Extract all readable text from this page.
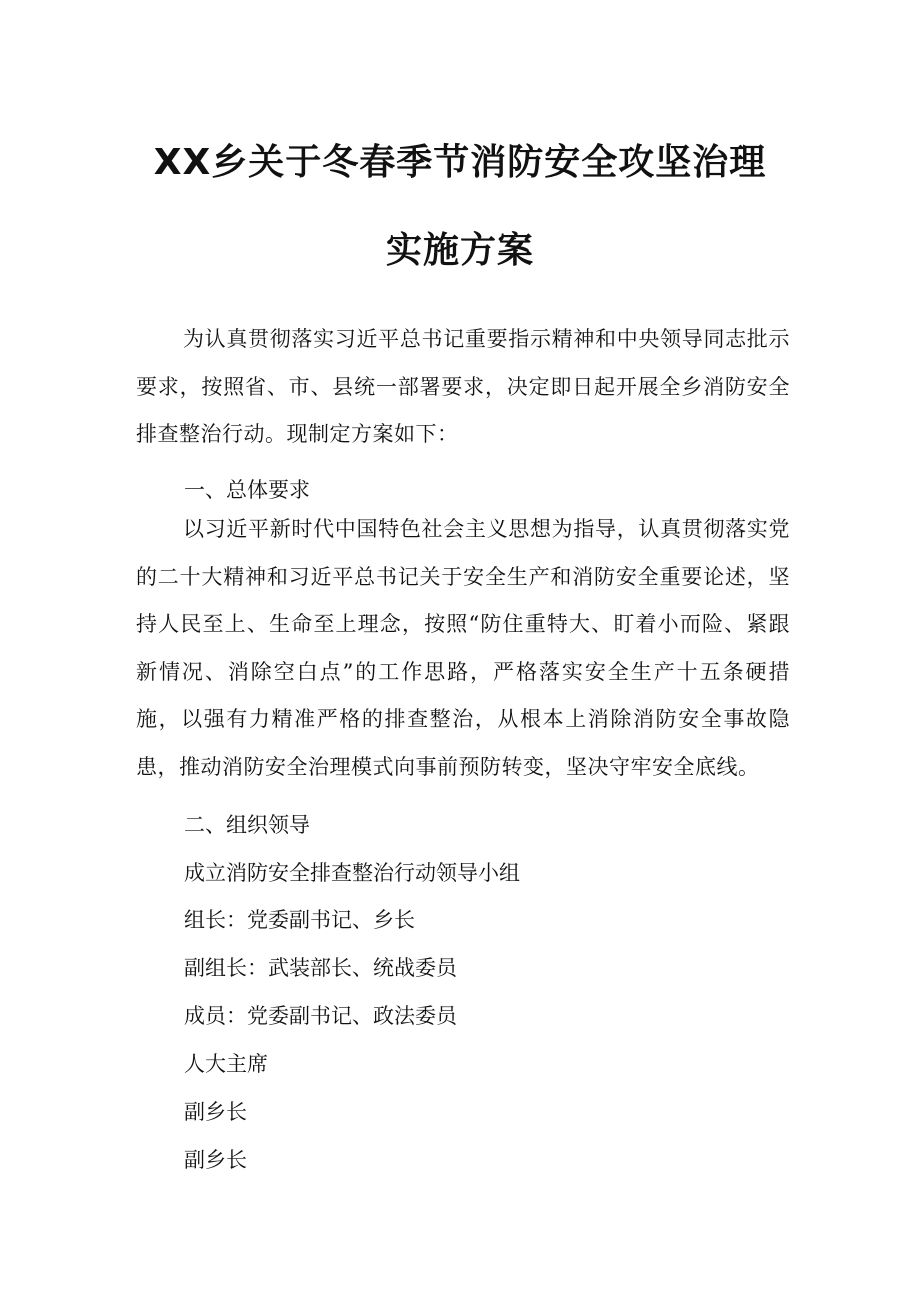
XX乡关于冬春季节消防安全攻坚治理
实施方案
为认真贯彻落实习近平总书记重要指示精神和中央领导同志批示要求，按照省、市、县统一部署要求，决定即日起开展全乡消防安全排查整治行动。现制定方案如下：
一、总体要求
以习近平新时代中国特色社会主义思想为指导，认真贯彻落实党的二十大精神和习近平总书记关于安全生产和消防安全重要论述，坚持人民至上、生命至上理念，按照“防住重特大、盯着小而险、紧跟新情况、消除空白点”的工作思路，严格落实安全生产十五条硬措施，以强有力精准严格的排查整治，从根本上消除消防安全事故隐患，推动消防安全治理模式向事前预防转变，坚决守牢安全底线。
二、组织领导
成立消防安全排查整治行动领导小组
组长：党委副书记、乡长
副组长：武装部长、统战委员
成员：党委副书记、政法委员
人大主席
副乡长
副乡长
